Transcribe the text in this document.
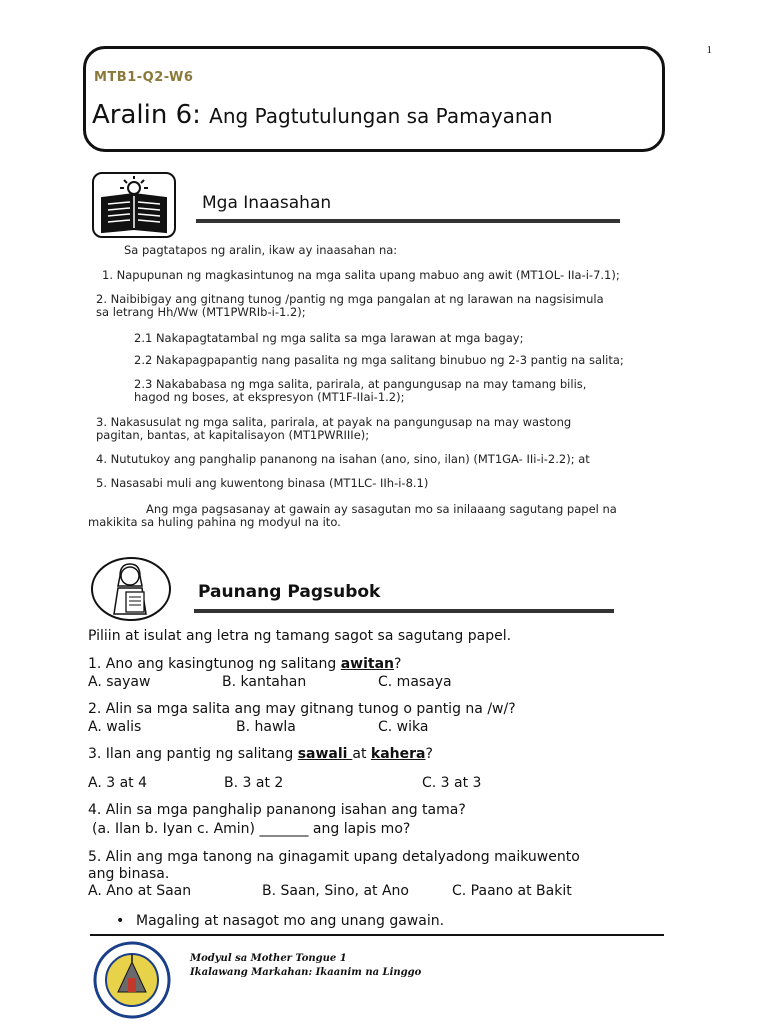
1
MTB1-Q2-W6
Aralin 6: Ang Pagtutulungan sa Pamayanan
Mga Inaasahan
Sa pagtatapos ng aralin, ikaw ay inaasahan na:
1. Napupunan ng magkasintunog na mga salita upang mabuo ang awit (MT1OL- IIa-i-7.1);
2. Naibibigay ang gitnang tunog /pantig ng mga pangalan at ng larawan na nagsisimula
sa letrang Hh/Ww (MT1PWRIb-i-1.2);
2.1 Nakapagtatambal ng mga salita sa mga larawan at mga bagay;
2.2 Nakapagpapantig nang pasalita ng mga salitang binubuo ng 2-3 pantig na salita;
2.3 Nakababasa ng mga salita, parirala, at pangungusap na may tamang bilis,
hagod ng boses, at ekspresyon (MT1F-IIai-1.2);
3. Nakasusulat ng mga salita, parirala, at payak na pangungusap na may wastong
pagitan, bantas, at kapitalisayon (MT1PWRIIIe);
4. Nututukoy ang panghalip pananong na isahan (ano, sino, ilan) (MT1GA- IIi-i-2.2); at
5. Nasasabi muli ang kuwentong binasa (MT1LC- IIh-i-8.1)
Ang mga pagsasanay at gawain ay sasagutan mo sa inilaaang sagutang papel na
makikita sa huling pahina ng modyul na ito.
Paunang Pagsubok
Piliin at isulat ang letra ng tamang sagot sa sagutang papel.
1. Ano ang kasingtunog ng salitang awitan?
A. sayaw	B. kantahan	C. masaya
2. Alin sa mga salita ang may gitnang tunog o pantig na /w/?
A. walis	B. hawla	C. wika
3. Ilan ang pantig ng salitang sawali at kahera?
A. 3 at 4	B. 3 at 2	C. 3 at 3
4. Alin sa mga panghalip pananong isahan ang tama?
(a. Ilan b. Iyan c. Amin) _______ ang lapis mo?
5. Alin ang mga tanong na ginagamit upang detalyadong maikuwento
ang binasa.
A. Ano at Saan	B. Saan, Sino, at Ano	C. Paano at Bakit
• Magaling at nasagot mo ang unang gawain.
Modyul sa Mother Tongue 1
Ikalawang Markahan: Ikaanim na Linggo
